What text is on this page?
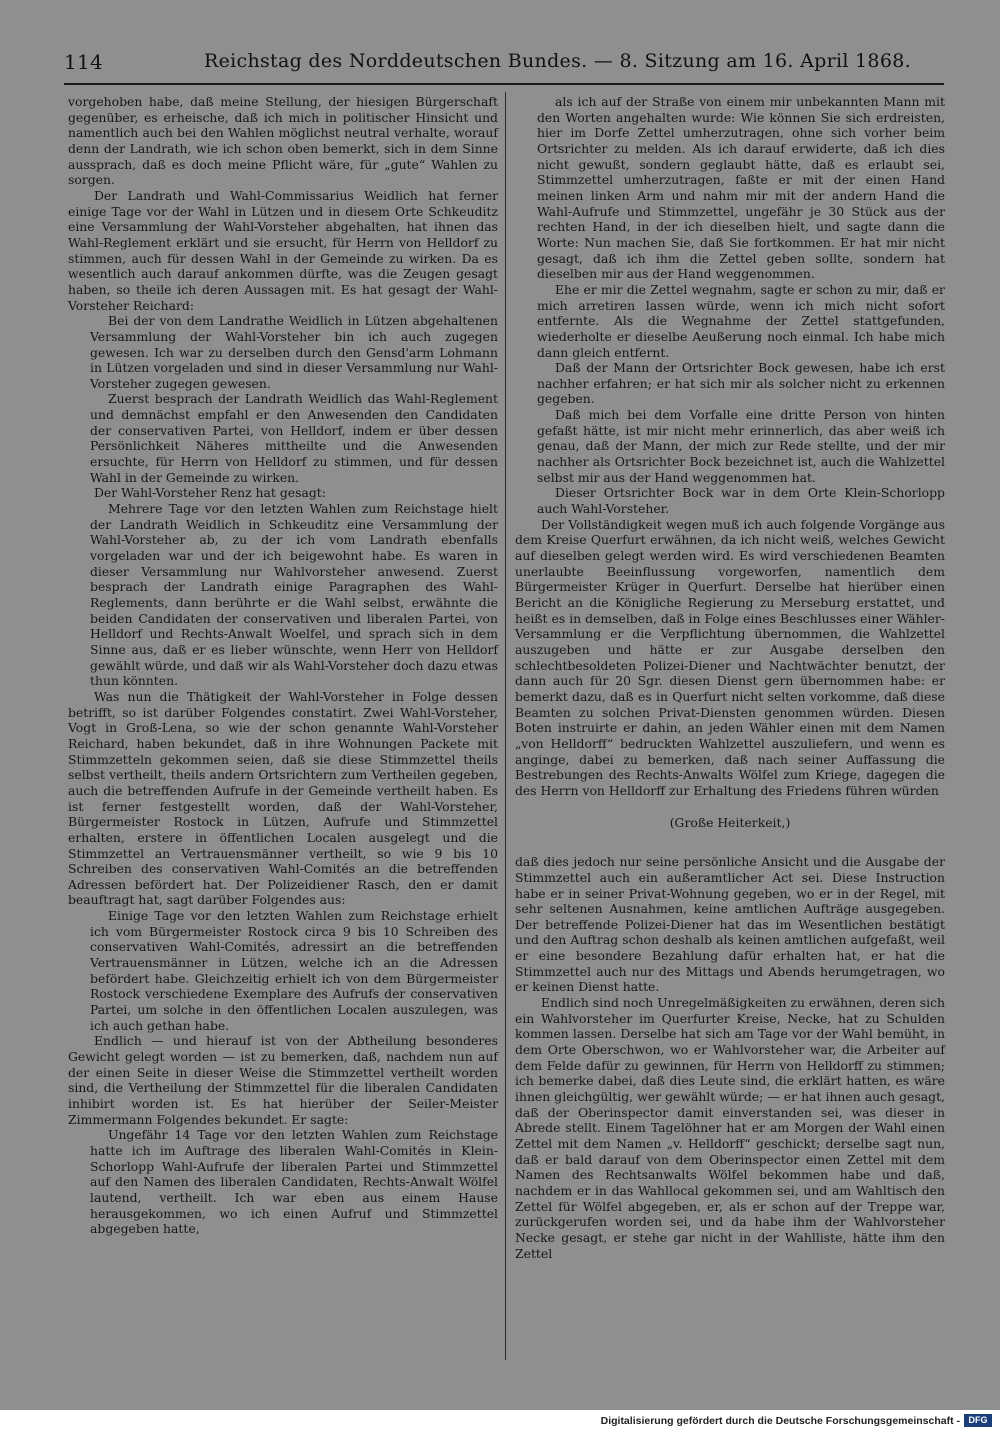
114	Reichstag des Norddeutschen Bundes. — 8. Sitzung am 16. April 1868.

vorgehoben habe, daß meine Stellung, der hiesigen Bürgerschaft gegenüber, es erheische, daß ich mich in politischer Hinsicht und namentlich auch bei den Wahlen möglichst neutral verhalte, worauf denn der Landrath, wie ich schon oben bemerkt, sich in dem Sinne aussprach, daß es doch meine Pflicht wäre, für „gute“ Wahlen zu sorgen.

Der Landrath und Wahl-Commissarius Weidlich hat ferner einige Tage vor der Wahl in Lützen und in diesem Orte Schkeuditz eine Versammlung der Wahl-Vorsteher abgehalten, hat ihnen das Wahl-Reglement erklärt und sie ersucht, für Herrn von Helldorf zu stimmen, auch für dessen Wahl in der Gemeinde zu wirken. Da es wesentlich auch darauf ankommen dürfte, was die Zeugen gesagt haben, so theile ich deren Aussagen mit. Es hat gesagt der Wahl-Vorsteher Reichard:

Bei der von dem Landrathe Weidlich in Lützen abgehaltenen Versammlung der Wahl-Vorsteher bin ich auch zugegen gewesen. Ich war zu derselben durch den Gensd'arm Lohmann in Lützen vorgeladen und sind in dieser Versammlung nur Wahl-Vorsteher zugegen gewesen.

Zuerst besprach der Landrath Weidlich das Wahl-Reglement und demnächst empfahl er den Anwesenden den Candidaten der conservativen Partei, von Helldorf, indem er über dessen Persönlichkeit Näheres mittheilte und die Anwesenden ersuchte, für Herrn von Helldorf zu stimmen, und für dessen Wahl in der Gemeinde zu wirken.

Der Wahl-Vorsteher Renz hat gesagt:

Mehrere Tage vor den letzten Wahlen zum Reichstage hielt der Landrath Weidlich in Schkeuditz eine Versammlung der Wahl-Vorsteher ab, zu der ich vom Landrath ebenfalls vorgeladen war und der ich beigewohnt habe. Es waren in dieser Versammlung nur Wahlvorsteher anwesend. Zuerst besprach der Landrath einige Paragraphen des Wahl-Reglements, dann berührte er die Wahl selbst, erwähnte die beiden Candidaten der conservativen und liberalen Partei, von Helldorf und Rechts-Anwalt Woelfel, und sprach sich in dem Sinne aus, daß er es lieber wünschte, wenn Herr von Helldorf gewählt würde, und daß wir als Wahl-Vorsteher doch dazu etwas thun könnten.

Was nun die Thätigkeit der Wahl-Vorsteher in Folge dessen betrifft, so ist darüber Folgendes constatirt. Zwei Wahl-Vorsteher, Vogt in Groß-Lena, so wie der schon genannte Wahl-Vorsteher Reichard, haben bekundet, daß in ihre Wohnungen Packete mit Stimmzetteln gekommen seien, daß sie diese Stimmzettel theils selbst vertheilt, theils andern Ortsrichtern zum Vertheilen gegeben, auch die betreffenden Aufrufe in der Gemeinde vertheilt haben. Es ist ferner festgestellt worden, daß der Wahl-Vorsteher, Bürgermeister Rostock in Lützen, Aufrufe und Stimmzettel erhalten, erstere in öffentlichen Localen ausgelegt und die Stimmzettel an Vertrauensmänner vertheilt, so wie 9 bis 10 Schreiben des conservativen Wahl-Comités an die betreffenden Adressen befördert hat. Der Polizeidiener Rasch, den er damit beauftragt hat, sagt darüber Folgendes aus:

Einige Tage vor den letzten Wahlen zum Reichstage erhielt ich vom Bürgermeister Rostock circa 9 bis 10 Schreiben des conservativen Wahl-Comités, adressirt an die betreffenden Vertrauensmänner in Lützen, welche ich an die Adressen befördert habe. Gleichzeitig erhielt ich von dem Bürgermeister Rostock verschiedene Exemplare des Aufrufs der conservativen Partei, um solche in den öffentlichen Localen auszulegen, was ich auch gethan habe.

Endlich — und hierauf ist von der Abtheilung besonderes Gewicht gelegt worden — ist zu bemerken, daß, nachdem nun auf der einen Seite in dieser Weise die Stimmzettel vertheilt worden sind, die Vertheilung der Stimmzettel für die liberalen Candidaten inhibirt worden ist. Es hat hierüber der Seiler-Meister Zimmermann Folgendes bekundet. Er sagte:

Ungefähr 14 Tage vor den letzten Wahlen zum Reichstage hatte ich im Auftrage des liberalen Wahl-Comités in Klein-Schorlopp Wahl-Aufrufe der liberalen Partei und Stimmzettel auf den Namen des liberalen Candidaten, Rechts-Anwalt Wölfel lautend, vertheilt. Ich war eben aus einem Hause herausgekommen, wo ich einen Aufruf und Stimmzettel abgegeben hatte,

als ich auf der Straße von einem mir unbekannten Mann mit den Worten angehalten wurde: Wie können Sie sich erdreisten, hier im Dorfe Zettel umherzutragen, ohne sich vorher beim Ortsrichter zu melden. Als ich darauf erwiderte, daß ich dies nicht gewußt, sondern geglaubt hätte, daß es erlaubt sei, Stimmzettel umherzutragen, faßte er mit der einen Hand meinen linken Arm und nahm mir mit der andern Hand die Wahl-Aufrufe und Stimmzettel, ungefähr je 30 Stück aus der rechten Hand, in der ich dieselben hielt, und sagte dann die Worte: Nun machen Sie, daß Sie fortkommen. Er hat mir nicht gesagt, daß ich ihm die Zettel geben sollte, sondern hat dieselben mir aus der Hand weggenommen.

Ehe er mir die Zettel wegnahm, sagte er schon zu mir, daß er mich arretiren lassen würde, wenn ich mich nicht sofort entfernte. Als die Wegnahme der Zettel stattgefunden, wiederholte er dieselbe Aeußerung noch einmal. Ich habe mich dann gleich entfernt.

Daß der Mann der Ortsrichter Bock gewesen, habe ich erst nachher erfahren; er hat sich mir als solcher nicht zu erkennen gegeben.

Daß mich bei dem Vorfalle eine dritte Person von hinten gefaßt hätte, ist mir nicht mehr erinnerlich, das aber weiß ich genau, daß der Mann, der mich zur Rede stellte, und der mir nachher als Ortsrichter Bock bezeichnet ist, auch die Wahlzettel selbst mir aus der Hand weggenommen hat.

Dieser Ortsrichter Bock war in dem Orte Klein-Schorlopp auch Wahl-Vorsteher.

Der Vollständigkeit wegen muß ich auch folgende Vorgänge aus dem Kreise Querfurt erwähnen, da ich nicht weiß, welches Gewicht auf dieselben gelegt werden wird. Es wird verschiedenen Beamten unerlaubte Beeinflussung vorgeworfen, namentlich dem Bürgermeister Krüger in Querfurt. Derselbe hat hierüber einen Bericht an die Königliche Regierung zu Merseburg erstattet, und heißt es in demselben, daß in Folge eines Beschlusses einer Wähler-Versammlung er die Verpflichtung übernommen, die Wahlzettel auszugeben und hätte er zur Ausgabe derselben den schlechtbesoldeten Polizei-Diener und Nachtwächter benutzt, der dann auch für 20 Sgr. diesen Dienst gern übernommen habe: er bemerkt dazu, daß es in Querfurt nicht selten vorkomme, daß diese Beamten zu solchen Privat-Diensten genommen würden. Diesen Boten instruirte er dahin, an jeden Wähler einen mit dem Namen „von Helldorff“ bedruckten Wahlzettel auszuliefern, und wenn es anginge, dabei zu bemerken, daß nach seiner Auffassung die Bestrebungen des Rechts-Anwalts Wölfel zum Kriege, dagegen die des Herrn von Helldorff zur Erhaltung des Friedens führen würden

(Große Heiterkeit,)

daß dies jedoch nur seine persönliche Ansicht und die Ausgabe der Stimmzettel auch ein außeramtlicher Act sei. Diese Instruction habe er in seiner Privat-Wohnung gegeben, wo er in der Regel, mit sehr seltenen Ausnahmen, keine amtlichen Aufträge ausgegeben. Der betreffende Polizei-Diener hat das im Wesentlichen bestätigt und den Auftrag schon deshalb als keinen amtlichen aufgefaßt, weil er eine besondere Bezahlung dafür erhalten hat, er hat die Stimmzettel auch nur des Mittags und Abends herumgetragen, wo er keinen Dienst hatte.

Endlich sind noch Unregelmäßigkeiten zu erwähnen, deren sich ein Wahlvorsteher im Querfurter Kreise, Necke, hat zu Schulden kommen lassen. Derselbe hat sich am Tage vor der Wahl bemüht, in dem Orte Oberschwon, wo er Wahlvorsteher war, die Arbeiter auf dem Felde dafür zu gewinnen, für Herrn von Helldorff zu stimmen; ich bemerke dabei, daß dies Leute sind, die erklärt hatten, es wäre ihnen gleichgültig, wer gewählt würde; — er hat ihnen auch gesagt, daß der Oberinspector damit einverstanden sei, was dieser in Abrede stellt. Einem Tagelöhner hat er am Morgen der Wahl einen Zettel mit dem Namen „v. Helldorff“ geschickt; derselbe sagt nun, daß er bald darauf von dem Oberinspector einen Zettel mit dem Namen des Rechtsanwalts Wölfel bekommen habe und daß, nachdem er in das Wahllocal gekommen sei, und am Wahltisch den Zettel für Wölfel abgegeben, er, als er schon auf der Treppe war, zurückgerufen worden sei, und da habe ihm der Wahlvorsteher Necke gesagt, er stehe gar nicht in der Wahlliste, hätte ihm den Zettel

Digitalisierung gefördert durch die Deutsche Forschungsgemeinschaft - DFG
